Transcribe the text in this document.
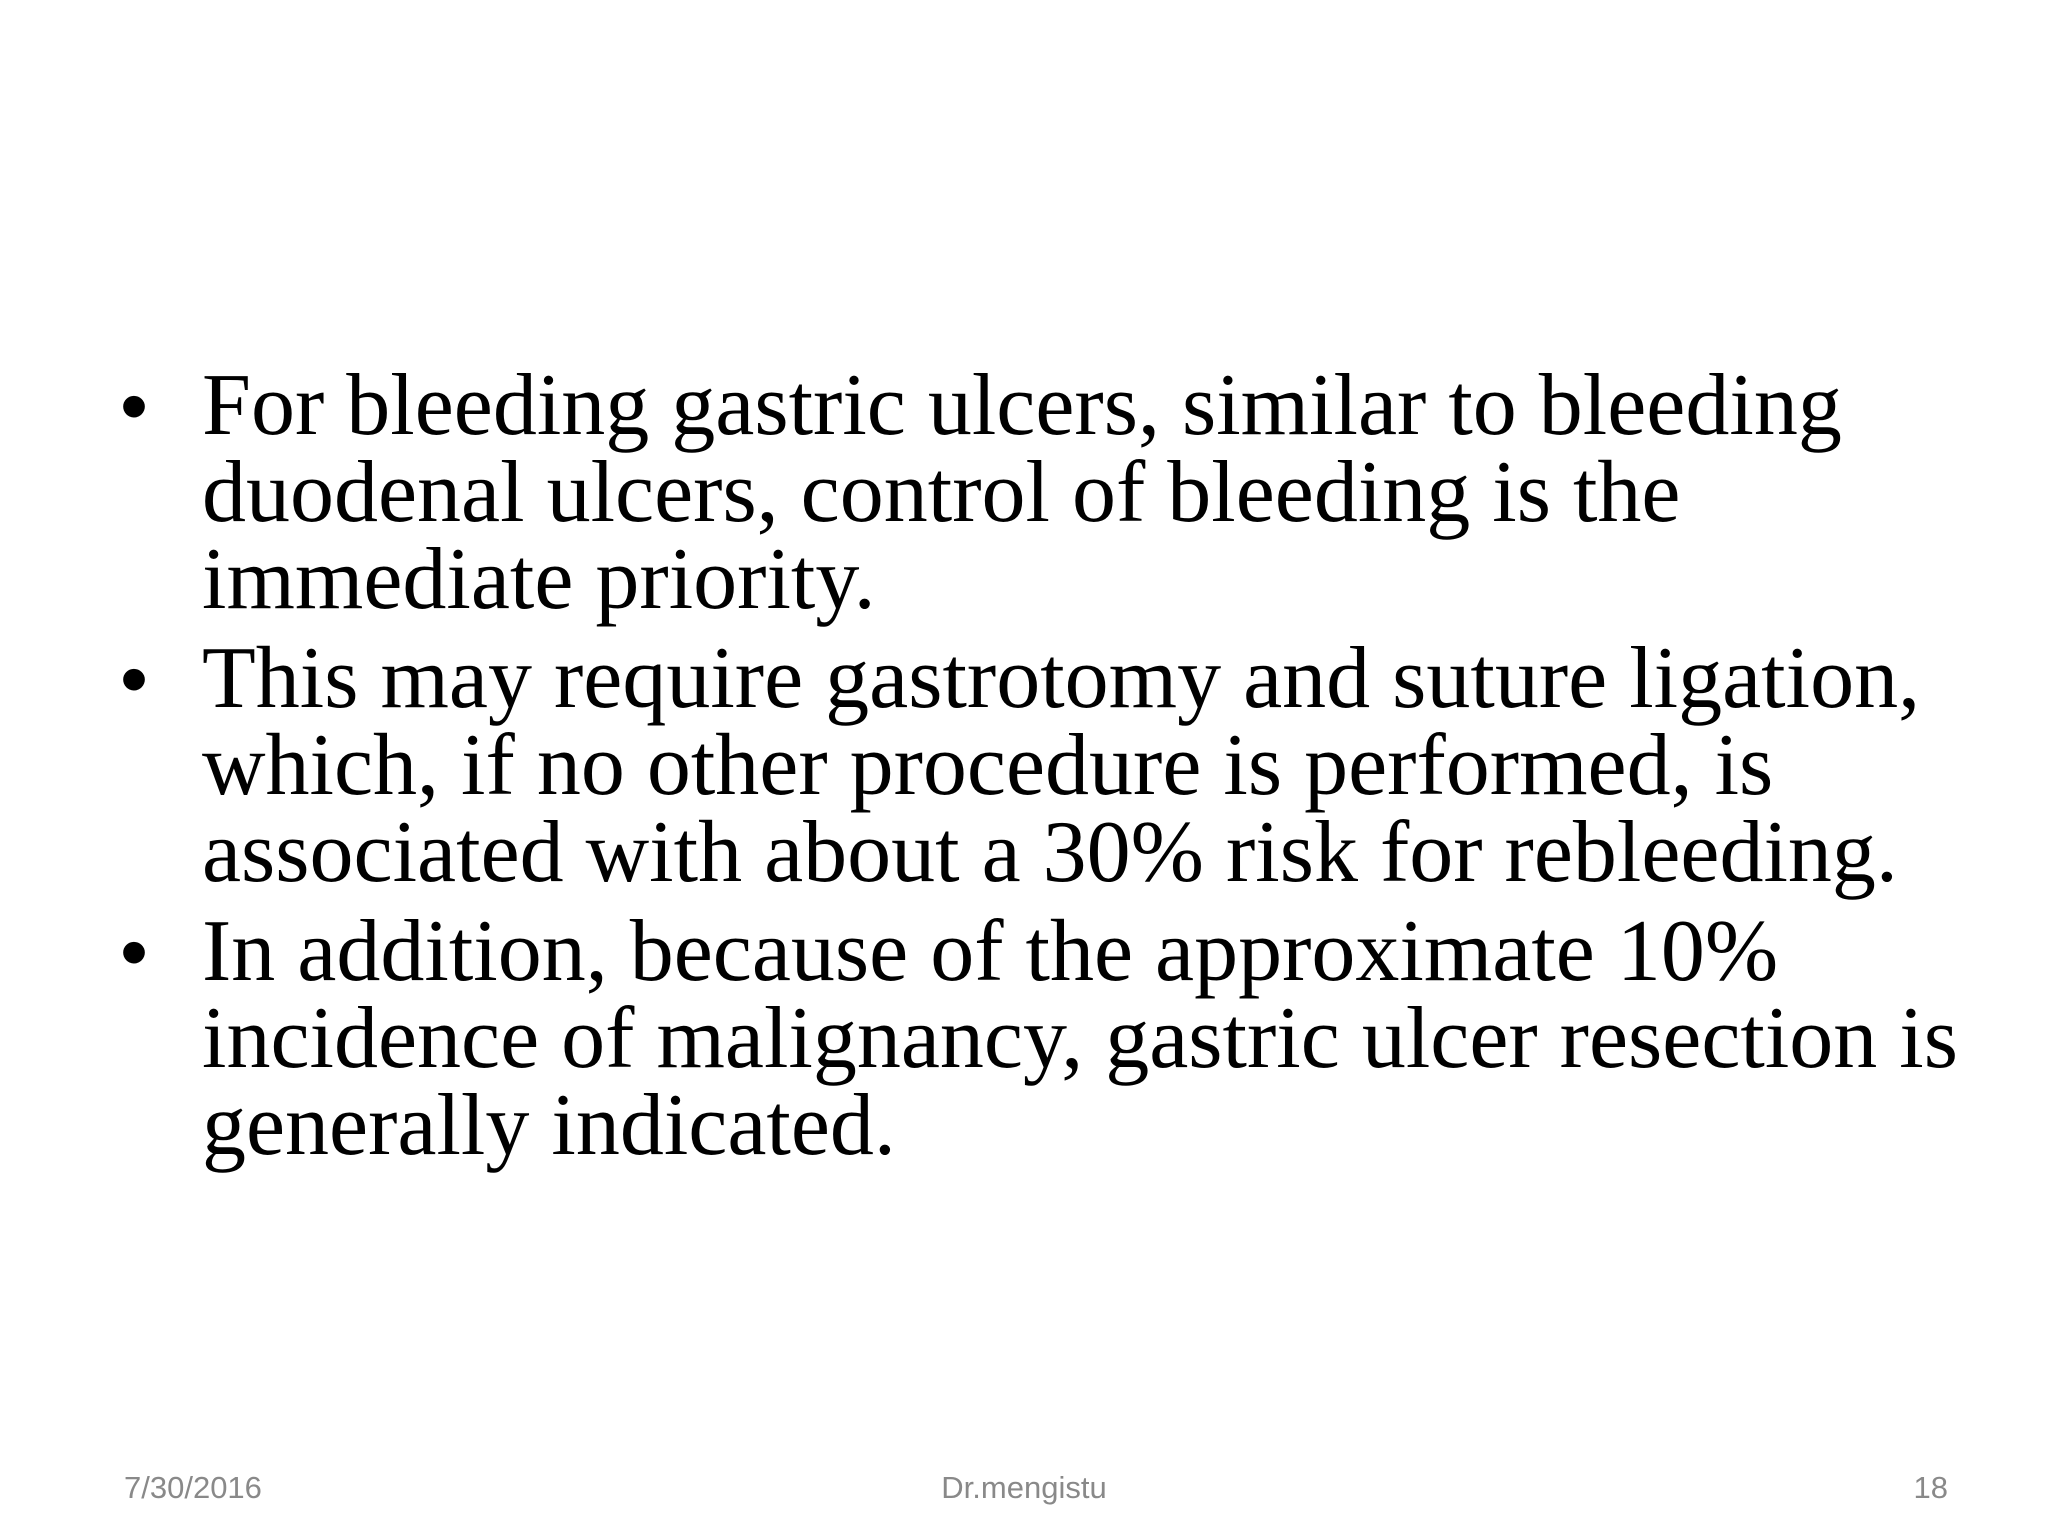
• For bleeding gastric ulcers, similar to bleeding duodenal ulcers, control of bleeding is the immediate priority.
• This may require gastrotomy and suture ligation, which, if no other procedure is performed, is associated with about a 30% risk for rebleeding.
• In addition, because of the approximate 10% incidence of malignancy, gastric ulcer resection is generally indicated.
7/30/2016	Dr.mengistu	18
